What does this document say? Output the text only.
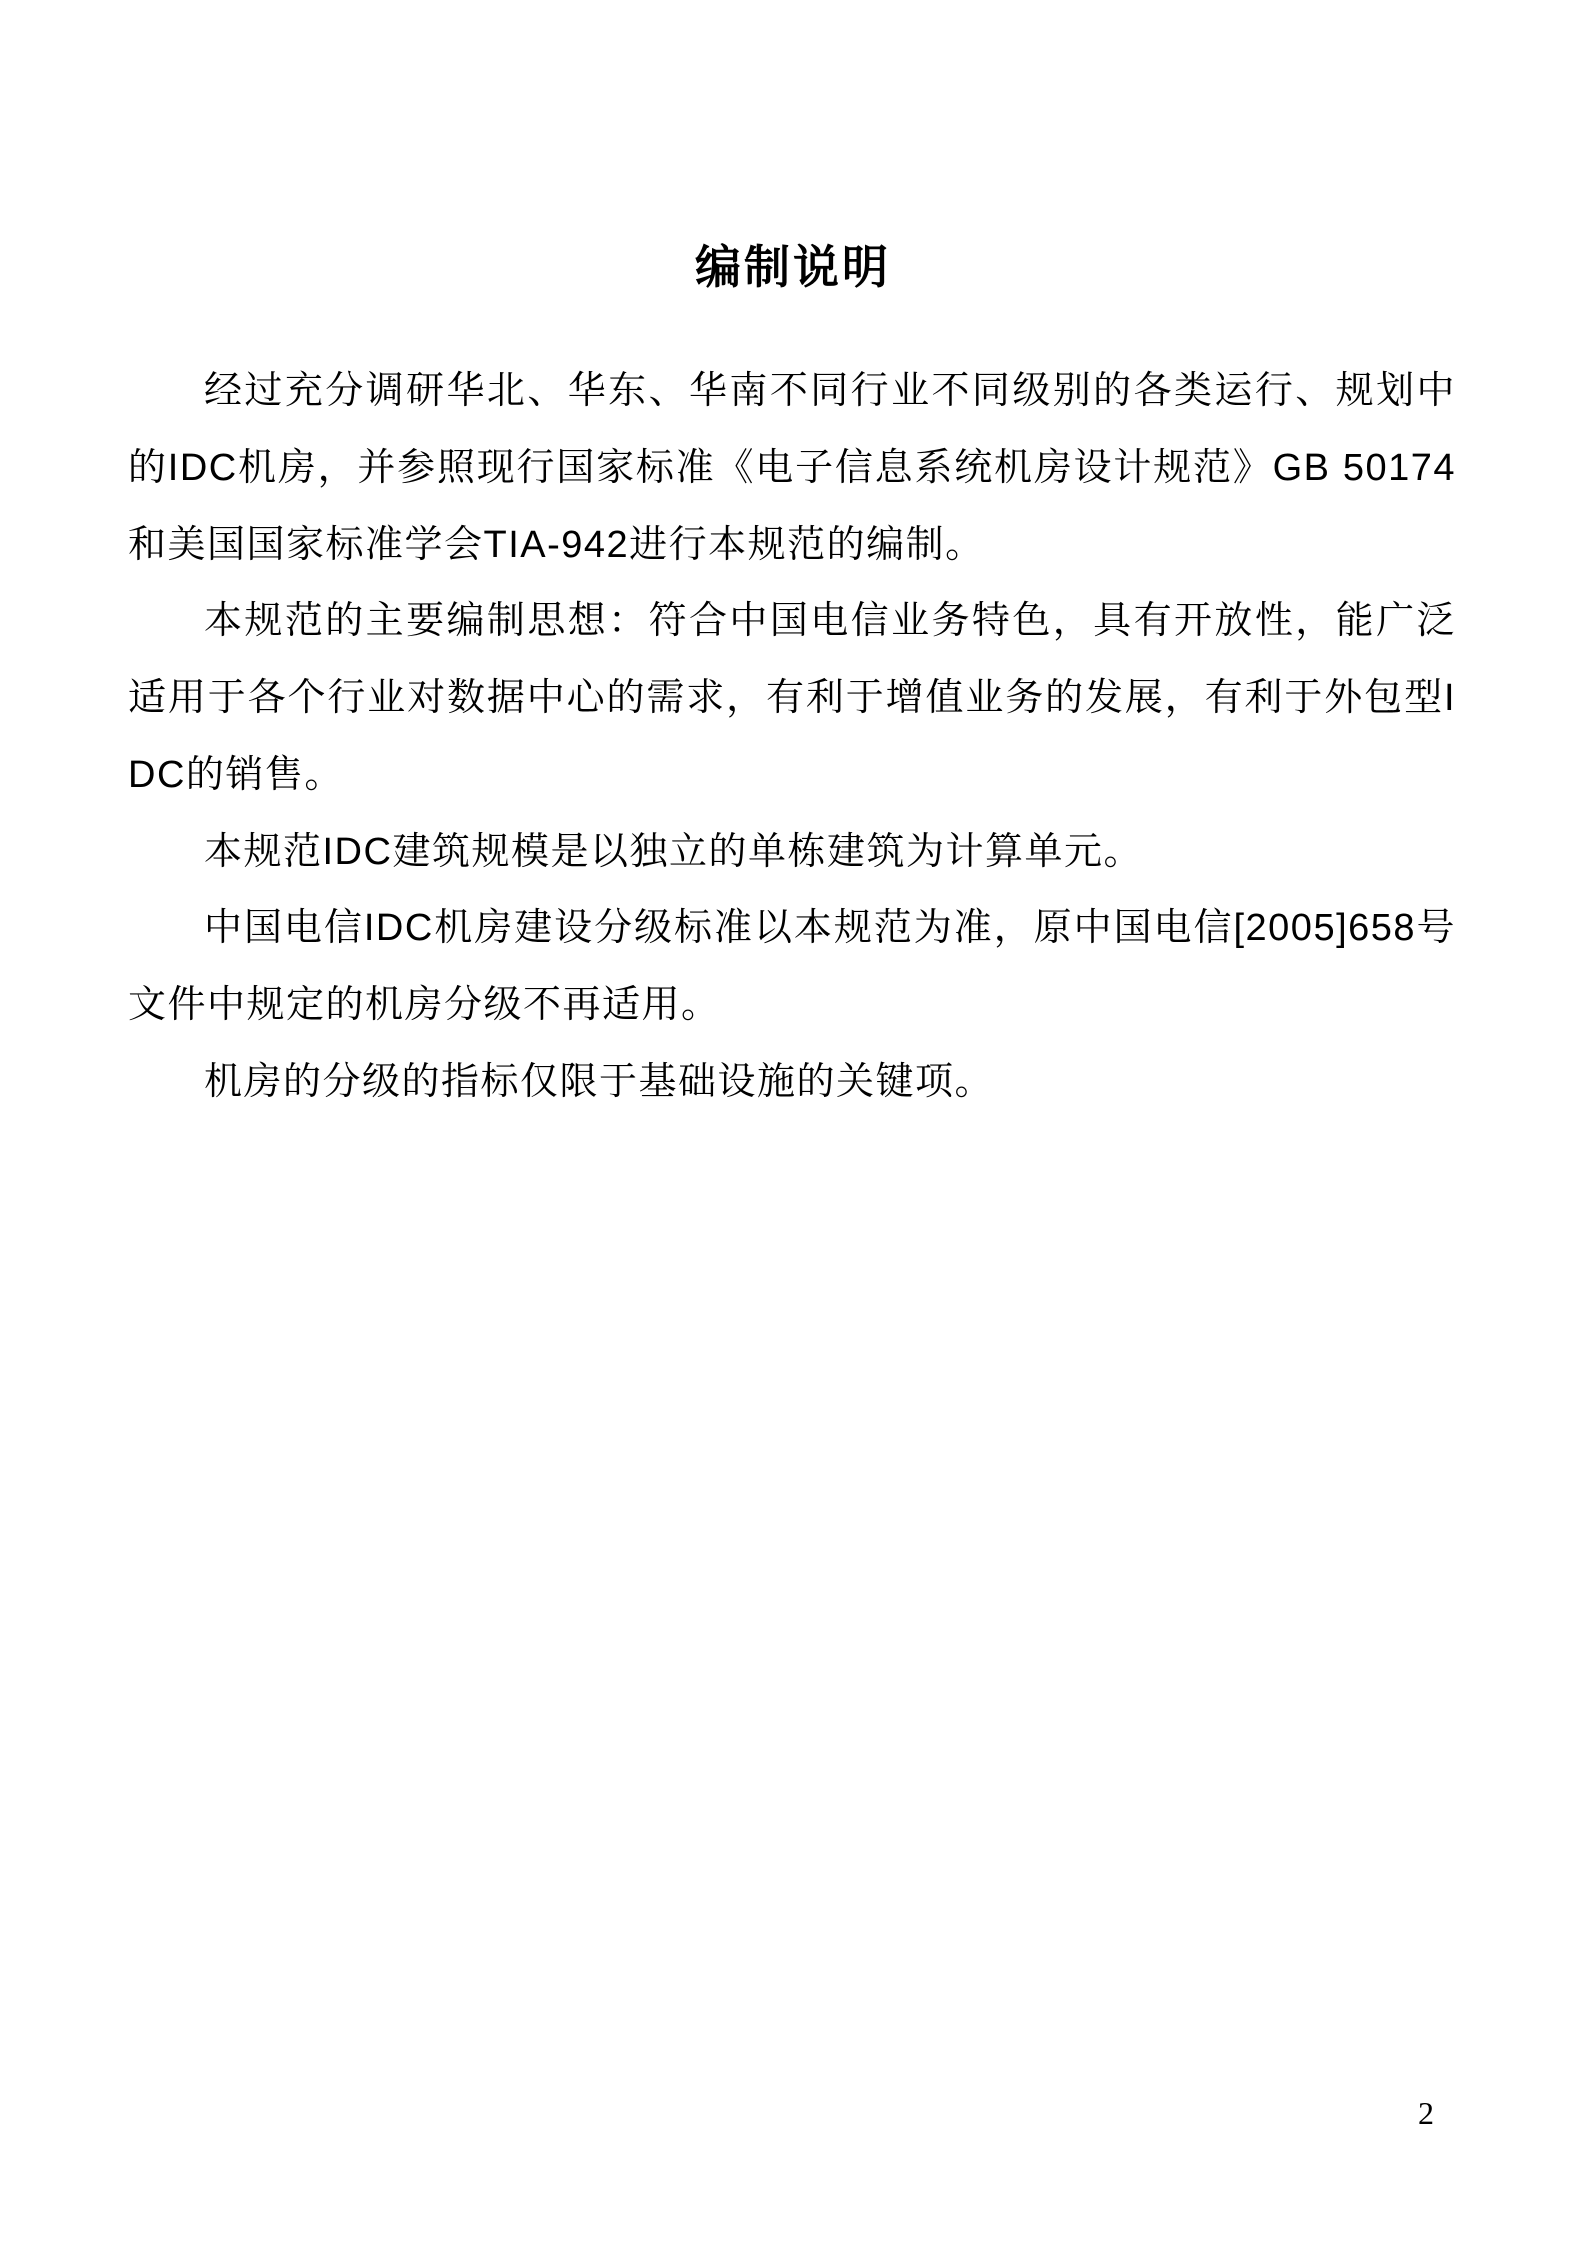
编制说明

经过充分调研华北、华东、华南不同行业不同级别的各类运行、规划中的IDC机房，并参照现行国家标准《电子信息系统机房设计规范》GB 50174和美国国家标准学会TIA-942进行本规范的编制。

本规范的主要编制思想：符合中国电信业务特色，具有开放性，能广泛适用于各个行业对数据中心的需求，有利于增值业务的发展，有利于外包型IDC的销售。

本规范IDC建筑规模是以独立的单栋建筑为计算单元。

中国电信IDC机房建设分级标准以本规范为准，原中国电信[2005]658号文件中规定的机房分级不再适用。

机房的分级的指标仅限于基础设施的关键项。

2
